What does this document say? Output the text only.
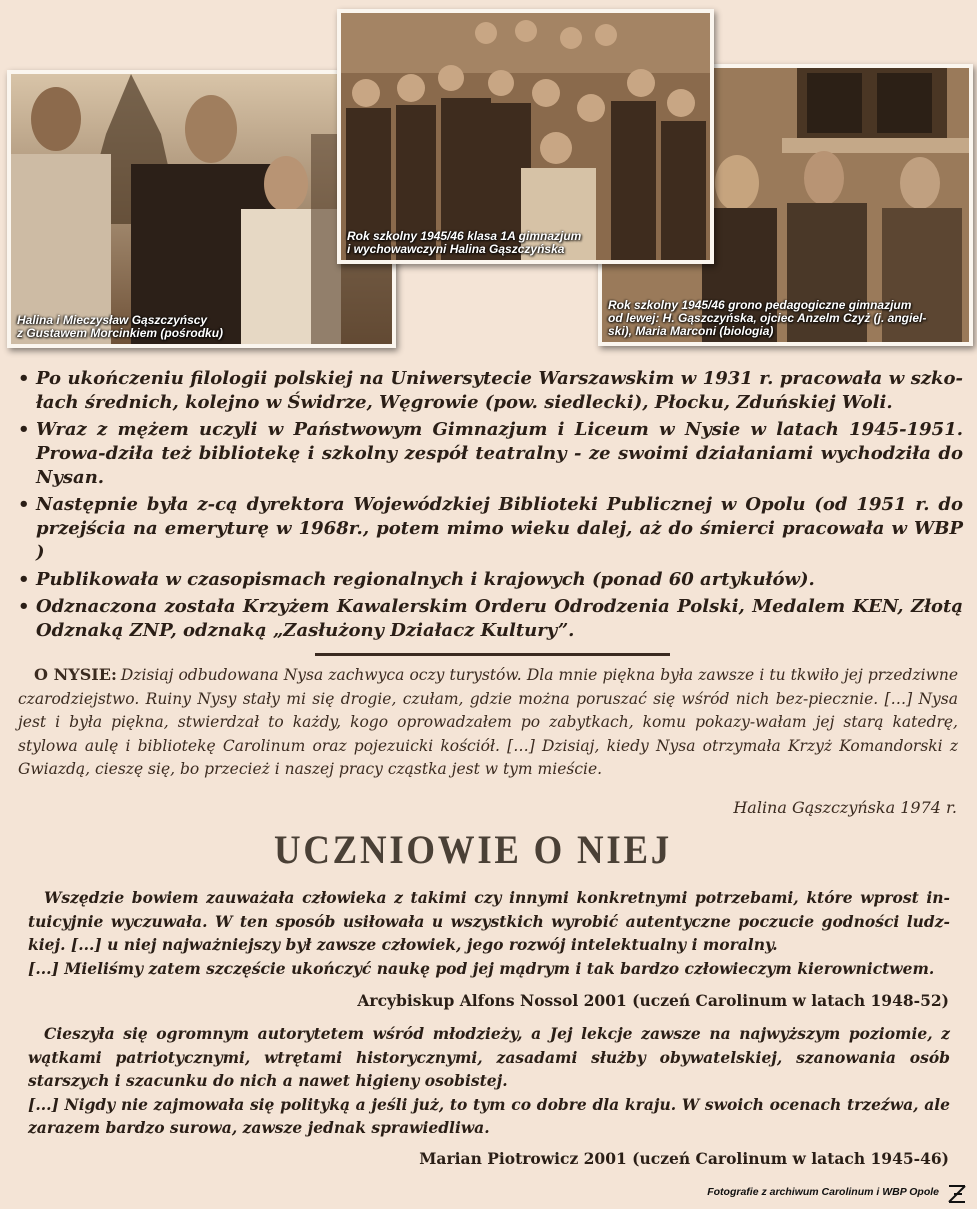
Halina i Mieczysław Gąszczyńscy
z Gustawem Morcinkiem (pośrodku)
Rok szkolny 1945/46 klasa 1A gimnazjum
i wychowawczyni Halina Gąszczyńska
Rok szkolny 1945/46 grono pedagogiczne gimnazjum
od lewej: H. Gąszczyńska, ojciec Anzelm Czyż (j. angiel-
ski), Maria Marconi (biologia)
• Po ukończeniu filologii polskiej na Uniwersytecie Warszawskim w 1931 r. pracowała w szko-łach średnich, kolejno w Świdrze, Węgrowie (pow. siedlecki), Płocku, Zduńskiej Woli.
• Wraz z mężem uczyli w Państwowym Gimnazjum i Liceum w Nysie w latach 1945-1951. Prowa-dziła też bibliotekę i szkolny zespół teatralny - ze swoimi działaniami wychodziła do Nysan.
• Następnie była z-cą dyrektora Wojewódzkiej Biblioteki Publicznej w Opolu (od 1951 r. do przejścia na emeryturę w 1968r., potem mimo wieku dalej, aż do śmierci pracowała w WBP )
• Publikowała w czasopismach regionalnych i krajowych (ponad 60 artykułów).
• Odznaczona została Krzyżem Kawalerskim Orderu Odrodzenia Polski, Medalem KEN, Złotą Odznaką ZNP, odznaką „Zasłużony Działacz Kultury”.
O NYSIE: Dzisiaj odbudowana Nysa zachwyca oczy turystów. Dla mnie piękna była zawsze i tu tkwiło jej przedziwne czarodziejstwo. Ruiny Nysy stały mi się drogie, czułam, gdzie można poruszać się wśród nich bez-piecznie. […] Nysa jest i była piękna, stwierdzał to każdy, kogo oprowadzałem po zabytkach, komu pokazy-wałam jej starą katedrę, stylowa aulę i bibliotekę Carolinum oraz pojezuicki kościół. […] Dzisiaj, kiedy Nysa otrzymała Krzyż Komandorski z Gwiazdą, cieszę się, bo przecież i naszej pracy cząstka jest w tym mieście.
Halina Gąszczyńska 1974 r.
UCZNIOWIE O NIEJ
Wszędzie bowiem zauważała człowieka z takimi czy innymi konkretnymi potrzebami, które wprost in-tuicyjnie wyczuwała. W ten sposób usiłowała u wszystkich wyrobić autentyczne poczucie godności ludz-kiej. [...] u niej najważniejszy był zawsze człowiek, jego rozwój intelektualny i moralny.
[...] Mieliśmy zatem szczęście ukończyć naukę pod jej mądrym i tak bardzo człowieczym kierownictwem.
Arcybiskup Alfons Nossol 2001 (uczeń Carolinum w latach 1948-52)
Cieszyła się ogromnym autorytetem wśród młodzieży, a Jej lekcje zawsze na najwyższym poziomie, z wątkami patriotycznymi, wtrętami historycznymi, zasadami służby obywatelskiej, szanowania osób starszych i szacunku do nich a nawet higieny osobistej.
[...] Nigdy nie zajmowała się polityką a jeśli już, to tym co dobre dla kraju. W swoich ocenach trzeźwa, ale zarazem bardzo surowa, zawsze jednak sprawiedliwa.
Marian Piotrowicz 2001 (uczeń Carolinum w latach 1945-46)
Fotografie z archiwum Carolinum i WBP Opole
